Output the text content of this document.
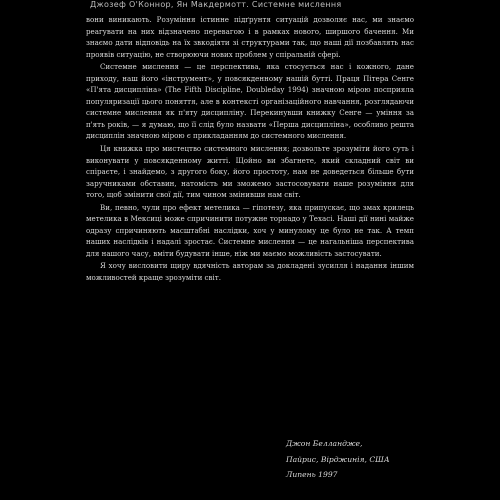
Джозеф О'Коннор, Ян Макдермотт. Системне мислення

вони виникають. Розуміння істинне підґрунтя ситуацій дозволяє нас, ми знаємо реагувати на них відзначено перевагою і в рамках нового, ширшого бачення. Ми знаємо дати відповідь на їх звкодіяти зі структурами так, що наші дії позбавлять нас проявів ситуацію, не створюючи нових проблем у спіральній сфері.

Системне мислення — це перспектива, яка стосується нас і кожного, дане приходу, наш його «інструмент», у повсякденному нашій бутті. Праця Пітера Сенге «П'ята дисципліна» (The Fifth Discipline, Doubleday 1994) значною мірою посприяла популяризації цього поняття, але в контексті організаційного навчання, розглядаючи системне мислення як п'яту дисципліну. Перекинувши книжку Сенге — уміння за п'ять років, — я думаю, що її слід було назвати «Перша дисципліна», особливо решта дисциплін значною мірою є прикладанням до системного мислення.

Ця книжка про мистецтво системного мислення; дозвольте зрозуміти його суть і виконувати у повсякденному житті. Щойно ви збагнете, який складний світ ви спіраєте, і знайдемо, з другого боку, його простоту, нам не доведеться більше бути заручниками обставин, натомість ми зможемо застосовувати наше розуміння для того, щоб змінити свої дії, тим чином змінивши нам світ.

Ви, певно, чули про ефект метелика — гіпотезу, яка припускає, що змах крилець метелика в Мексиці може спричинити потужне торнадо у Техасі. Наші дії нині майже одразу спричиняють масштабні наслідки, хоч у минулому це було не так. А темп наших наслідків і надалі зростає. Системне мислення — це нагальніша перспектива для нашого часу, вміти будувати інше, ніж ми маємо можливість застосувати.

Я хочу висловити щиру вдячність авторам за докладені зусилля і надання іншим можливостей краще зрозуміти світ.

Джон Белландже,
Пайрис, Вірджинія, США
Липень 1997
